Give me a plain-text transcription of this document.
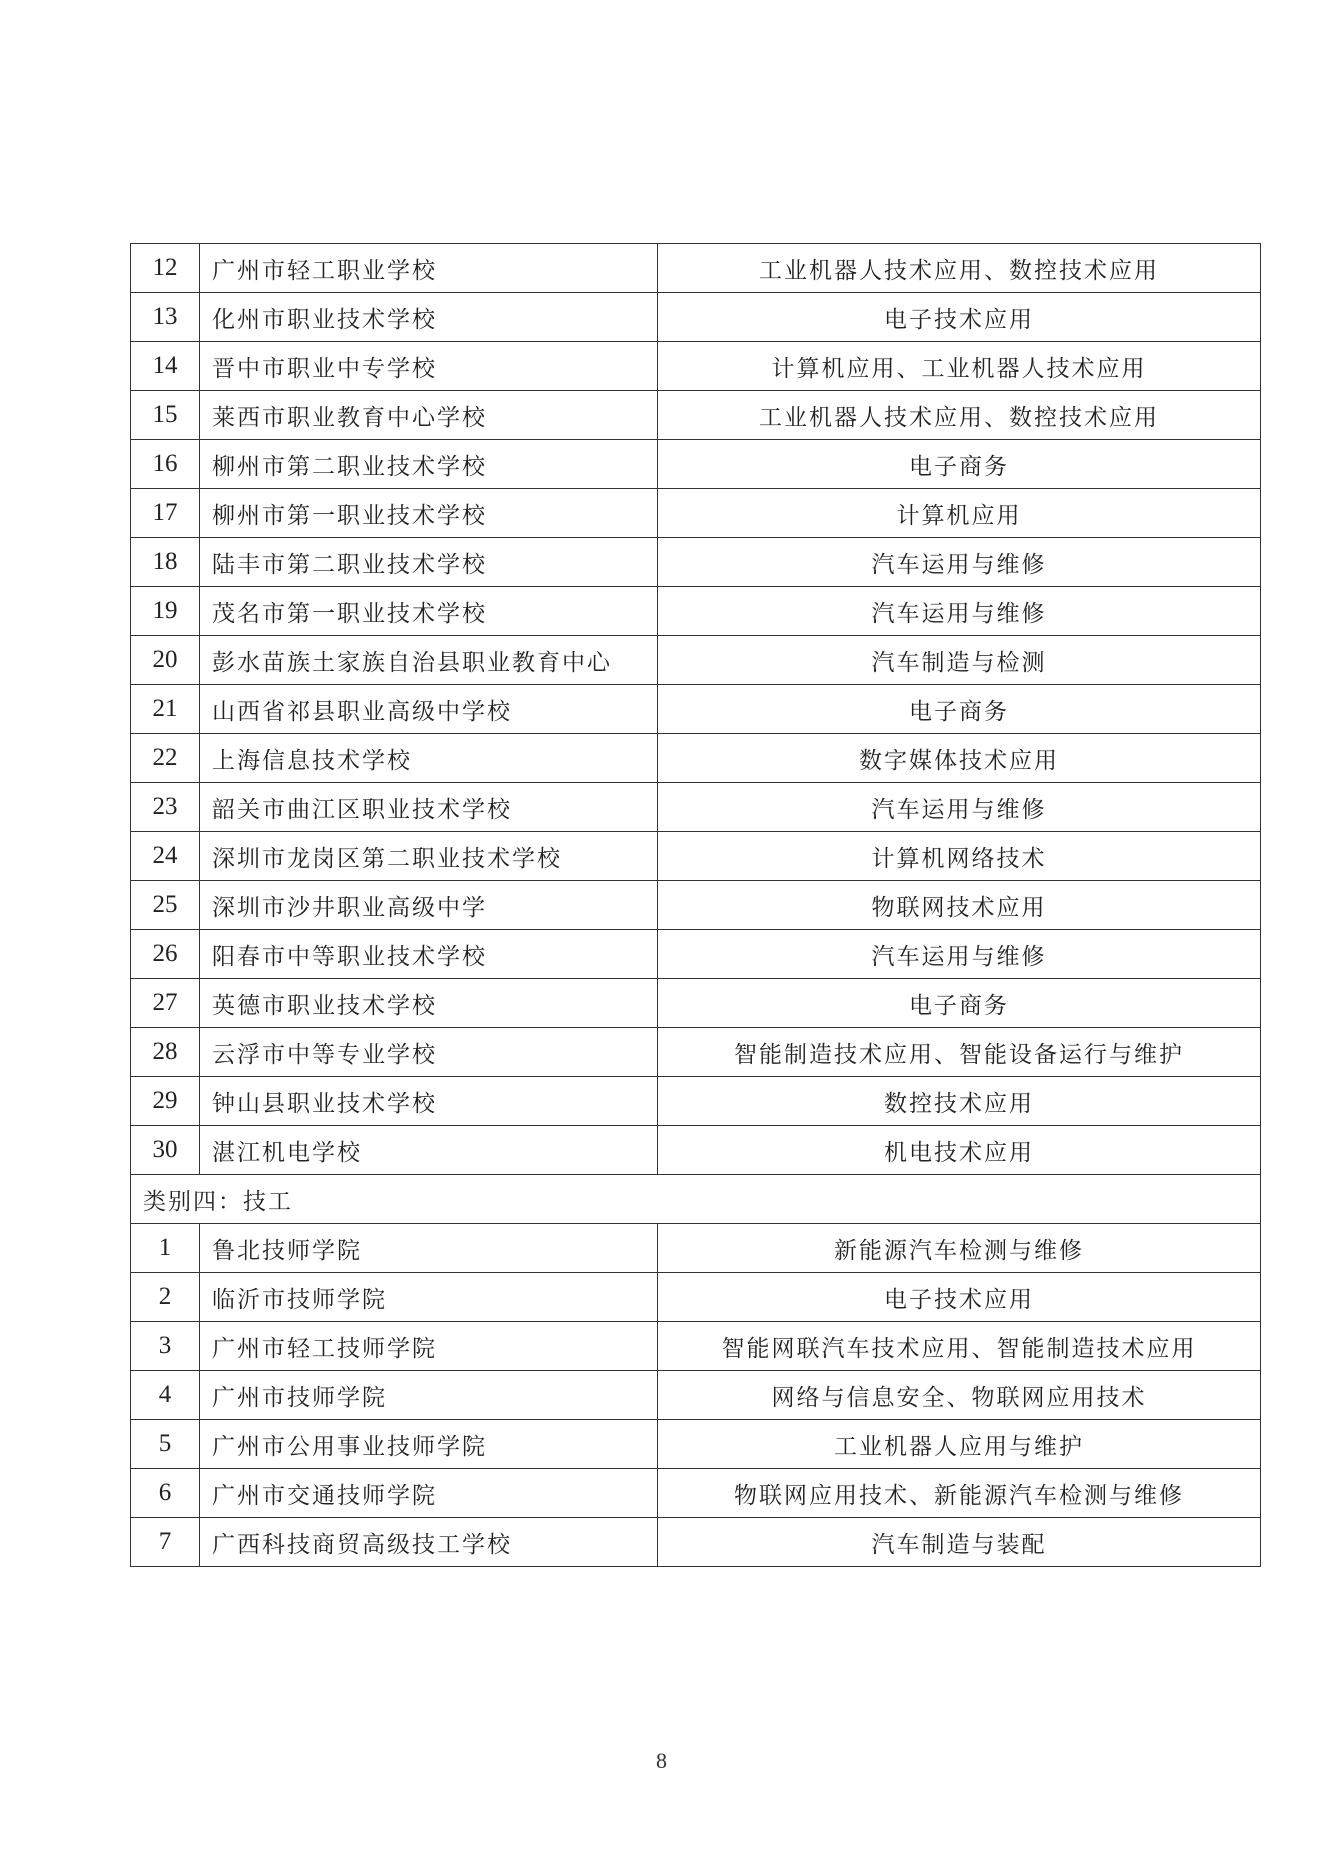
12	广州市轻工职业学校	工业机器人技术应用、数控技术应用
13	化州市职业技术学校	电子技术应用
14	晋中市职业中专学校	计算机应用、工业机器人技术应用
15	莱西市职业教育中心学校	工业机器人技术应用、数控技术应用
16	柳州市第二职业技术学校	电子商务
17	柳州市第一职业技术学校	计算机应用
18	陆丰市第二职业技术学校	汽车运用与维修
19	茂名市第一职业技术学校	汽车运用与维修
20	彭水苗族土家族自治县职业教育中心	汽车制造与检测
21	山西省祁县职业高级中学校	电子商务
22	上海信息技术学校	数字媒体技术应用
23	韶关市曲江区职业技术学校	汽车运用与维修
24	深圳市龙岗区第二职业技术学校	计算机网络技术
25	深圳市沙井职业高级中学	物联网技术应用
26	阳春市中等职业技术学校	汽车运用与维修
27	英德市职业技术学校	电子商务
28	云浮市中等专业学校	智能制造技术应用、智能设备运行与维护
29	钟山县职业技术学校	数控技术应用
30	湛江机电学校	机电技术应用
类别四：技工		
1	鲁北技师学院	新能源汽车检测与维修
2	临沂市技师学院	电子技术应用
3	广州市轻工技师学院	智能网联汽车技术应用、智能制造技术应用
4	广州市技师学院	网络与信息安全、物联网应用技术
5	广州市公用事业技师学院	工业机器人应用与维护
6	广州市交通技师学院	物联网应用技术、新能源汽车检测与维修
7	广西科技商贸高级技工学校	汽车制造与装配
8
